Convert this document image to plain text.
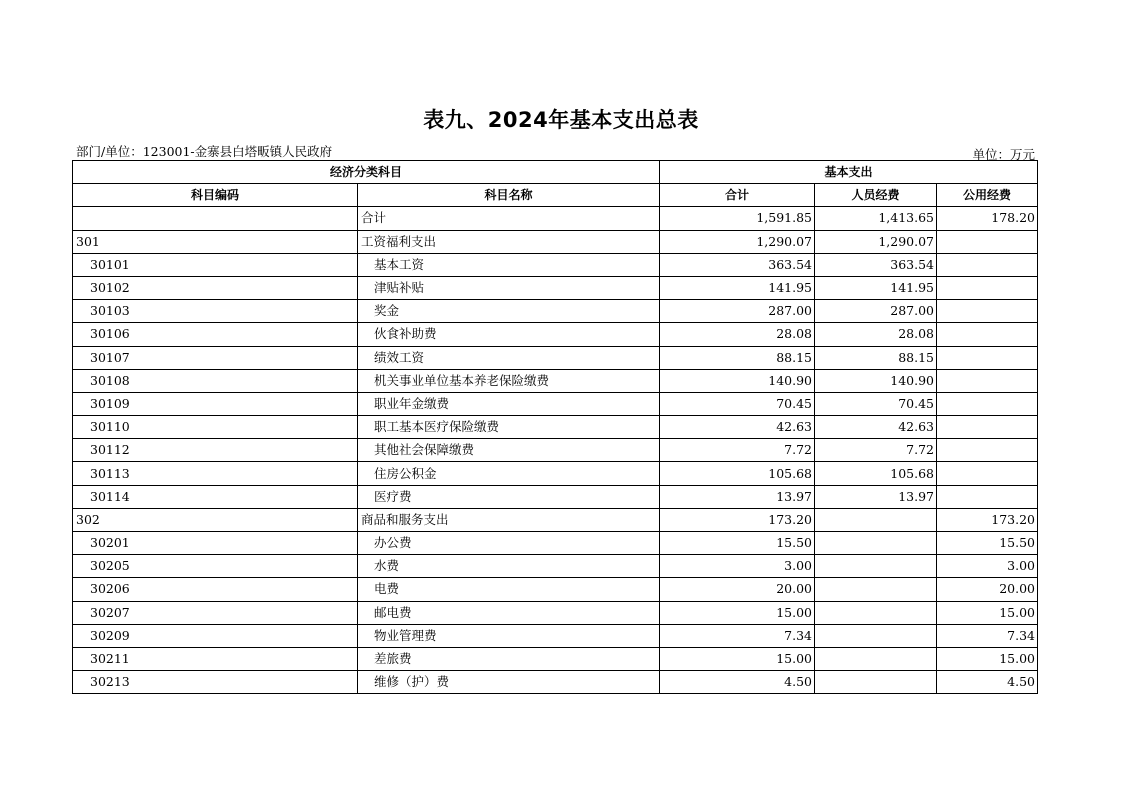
表九、2024年基本支出总表
部门/单位：123001-金寨县白塔畈镇人民政府	单位：万元
经济分类科目		基本支出		
科目编码	科目名称	合计	人员经费	公用经费
	合计	1,591.85	1,413.65	178.20
301	工资福利支出	1,290.07	1,290.07	
30101	基本工资	363.54	363.54	
30102	津贴补贴	141.95	141.95	
30103	奖金	287.00	287.00	
30106	伙食补助费	28.08	28.08	
30107	绩效工资	88.15	88.15	
30108	机关事业单位基本养老保险缴费	140.90	140.90	
30109	职业年金缴费	70.45	70.45	
30110	职工基本医疗保险缴费	42.63	42.63	
30112	其他社会保障缴费	7.72	7.72	
30113	住房公积金	105.68	105.68	
30114	医疗费	13.97	13.97	
302	商品和服务支出	173.20		173.20
30201	办公费	15.50		15.50
30205	水费	3.00		3.00
30206	电费	20.00		20.00
30207	邮电费	15.00		15.00
30209	物业管理费	7.34		7.34
30211	差旅费	15.00		15.00
30213	维修（护）费	4.50		4.50
